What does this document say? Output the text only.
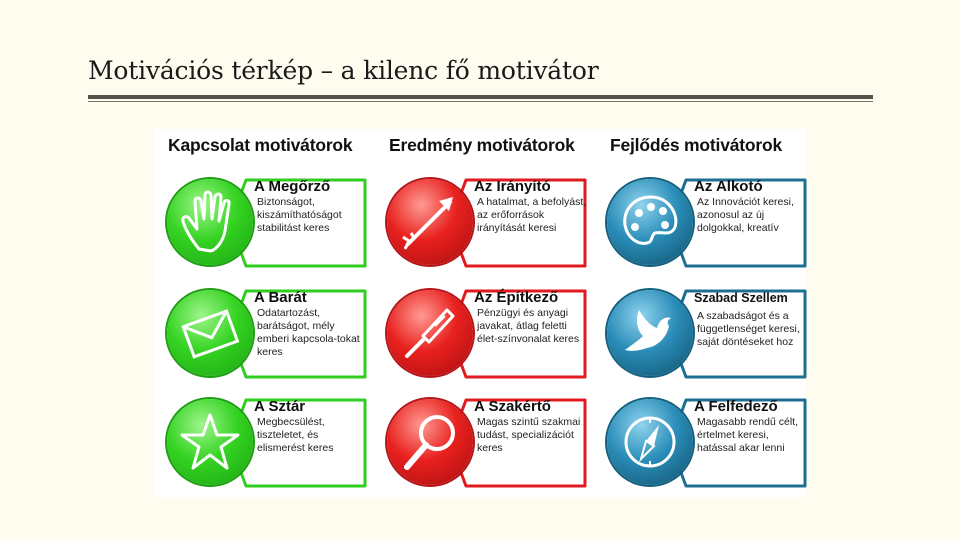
Motivációs térkép – a kilenc fő motivátor
Kapcsolat motivátorok Eredmény motivátorok Fejlődés motivátorok
A Megőrző
Biztonságot, kiszámíthatóságot stabilitást keres
A Barát
Odatartozást, barátságot, mély emberi kapcsola-tokat keres
A Sztár
Megbecsülést, tiszteletet, és elismerést keres
Az Irányító
A hatalmat, a befolyást, az erőforrások irányítását keresi
Az Építkező
Pénzügyi és anyagi javakat, átlag feletti élet-színvonalat keres
A Szakértő
Magas szintű szakmai tudást, specializációt keres
Az Alkotó
Az Innovációt keresi, azonosul az új dolgokkal, kreatív
Szabad Szellem
A szabadságot és a függetlenséget keresi, saját döntéseket hoz
A Felfedező
Magasabb rendű célt, értelmet keresi, hatással akar lenni
